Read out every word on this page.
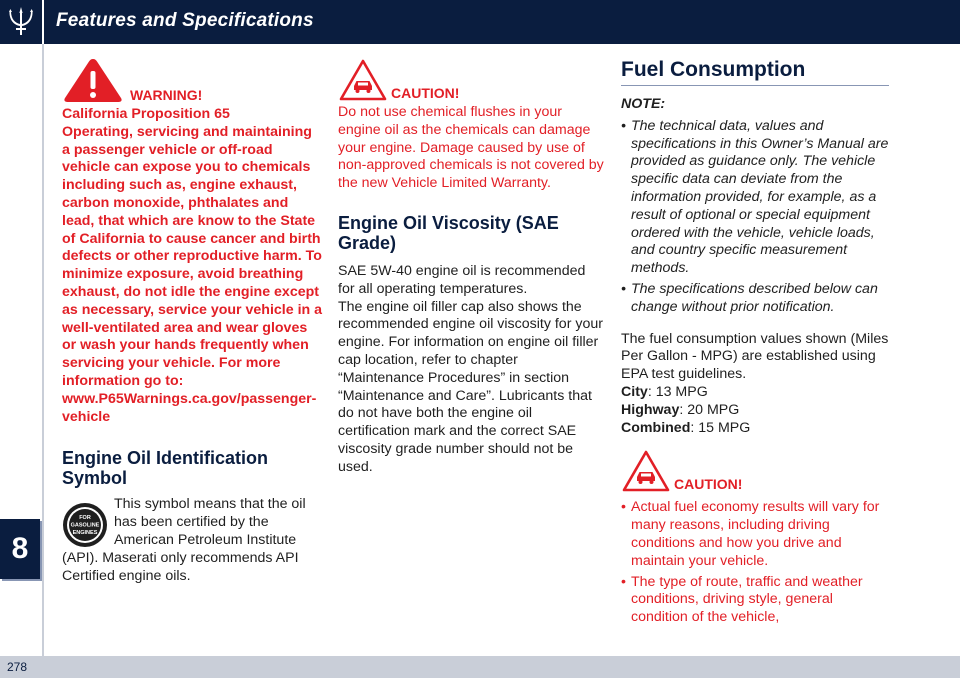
Features and Specifications
8
278
WARNING!

California Proposition 65

Operating, servicing and maintaining a passenger vehicle or off-road vehicle can expose you to chemicals including such as, engine exhaust, carbon monoxide, phthalates and lead, that which are know to the State of California to cause cancer and birth defects or other reproductive harm. To minimize exposure, avoid breathing exhaust, do not idle the engine except as necessary, service your vehicle in a well-ventilated area and wear gloves or wash your hands frequently when servicing your vehicle. For more information go to: www.P65Warnings.ca.gov/passenger-vehicle

Engine Oil Identification Symbol
FOR
GASOLINE
ENGINES

This symbol means that the oil has been certified by the American Petroleum Institute (API). Maserati only recommends API Certified engine oils.

CAUTION!

Do not use chemical flushes in your engine oil as the chemicals can damage your engine. Damage caused by use of non-approved chemicals is not covered by the new Vehicle Limited Warranty.

Engine Oil Viscosity (SAE Grade)

SAE 5W-40 engine oil is recommended for all operating temperatures.

The engine oil filler cap also shows the recommended engine oil viscosity for your engine. For information on engine oil filler cap location, refer to chapter “Maintenance Procedures” in section “Maintenance and Care”. Lubricants that do not have both the engine oil certification mark and the correct SAE viscosity grade number should not be used.

Fuel Consumption

NOTE:

• The technical data, values and specifications in this Owner’s Manual are provided as guidance only. The vehicle specific data can deviate from the information provided, for example, as a result of optional or special equipment ordered with the vehicle, vehicle loads, and country specific measurement methods.
• The specifications described below can change without prior notification.

The fuel consumption values shown (Miles Per Gallon - MPG) are established using EPA test guidelines.

City: 13 MPG

Highway: 20 MPG

Combined: 15 MPG

CAUTION!
• Actual fuel economy results will vary for many reasons, including driving conditions and how you drive and maintain your vehicle.
• The type of route, traffic and weather conditions, driving style, general condition of the vehicle,
